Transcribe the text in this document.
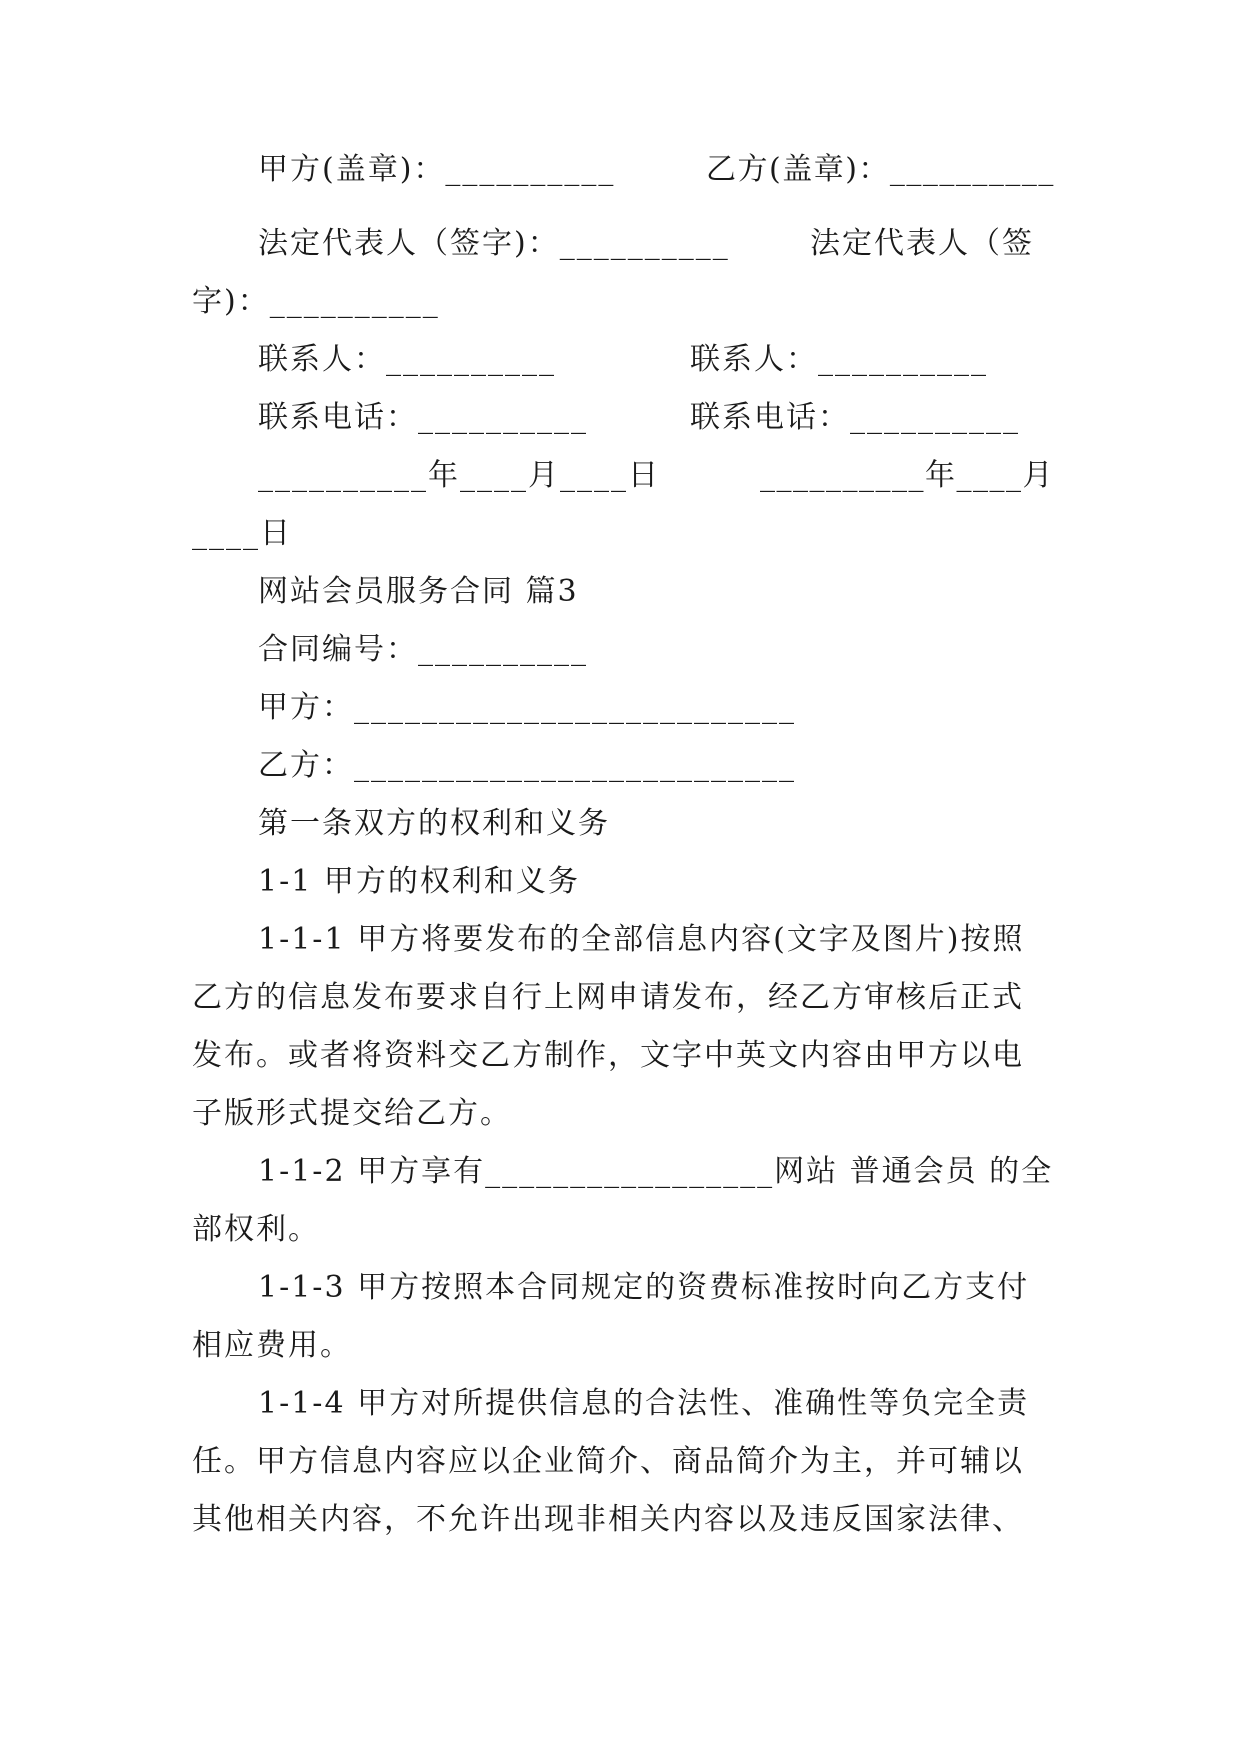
甲方(盖章)：__________	乙方(盖章)：__________
法定代表人（签字)：__________	法定代表人（签
字)：__________
联系人：__________	联系人：__________
联系电话：__________	联系电话：__________
__________年____月____日	__________年____月
____日
网站会员服务合同 篇3
合同编号：__________
甲方：__________________________
乙方：__________________________
第一条双方的权利和义务
1-1 甲方的权利和义务
1-1-1 甲方将要发布的全部信息内容(文字及图片)按照
乙方的信息发布要求自行上网申请发布，经乙方审核后正式
发布。或者将资料交乙方制作，文字中英文内容由甲方以电
子版形式提交给乙方。
1-1-2 甲方享有_________________网站 普通会员 的全
部权利。
1-1-3 甲方按照本合同规定的资费标准按时向乙方支付
相应费用。
1-1-4 甲方对所提供信息的合法性、准确性等负完全责
任。甲方信息内容应以企业简介、商品简介为主，并可辅以
其他相关内容，不允许出现非相关内容以及违反国家法律、
